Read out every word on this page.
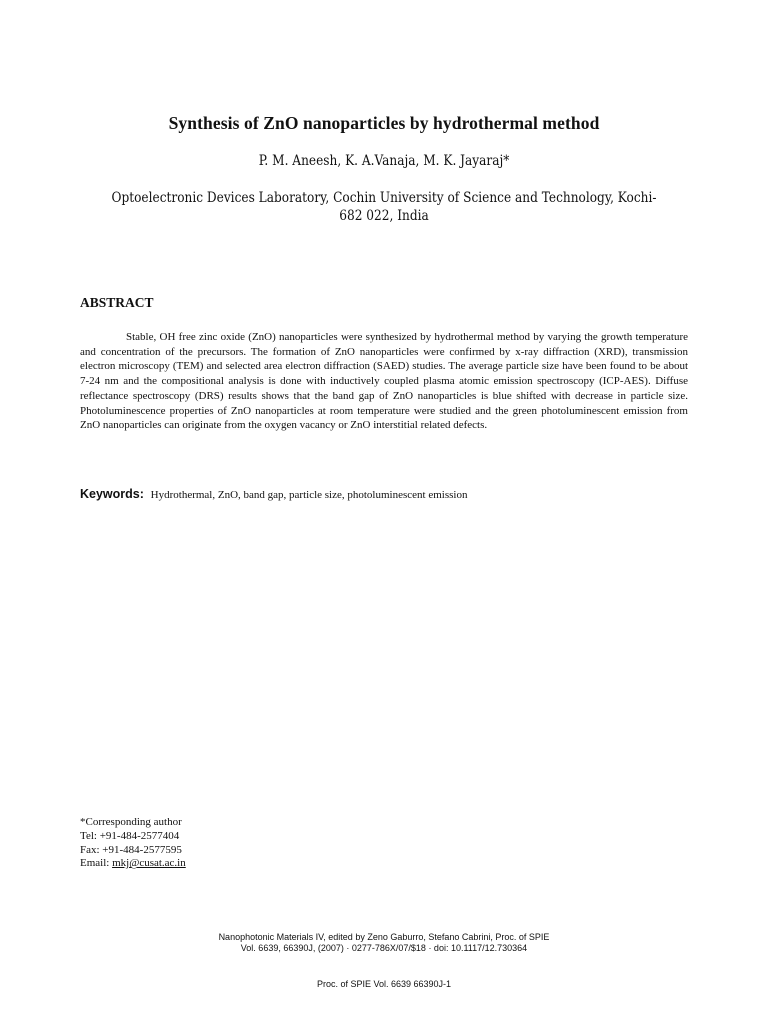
Synthesis of ZnO nanoparticles by hydrothermal method
P. M. Aneesh, K. A.Vanaja, M. K. Jayaraj*
Optoelectronic Devices Laboratory, Cochin University of Science and Technology, Kochi-682 022, India
ABSTRACT
Stable, OH free zinc oxide (ZnO) nanoparticles were synthesized by hydrothermal method by varying the growth temperature and concentration of the precursors. The formation of ZnO nanoparticles were confirmed by x-ray diffraction (XRD), transmission electron microscopy (TEM) and selected area electron diffraction (SAED) studies. The average particle size have been found to be about 7-24 nm and the compositional analysis is done with inductively coupled plasma atomic emission spectroscopy (ICP-AES). Diffuse reflectance spectroscopy (DRS) results shows that the band gap of ZnO nanoparticles is blue shifted with decrease in particle size. Photoluminescence properties of ZnO nanoparticles at room temperature were studied and the green photoluminescent emission from ZnO nanoparticles can originate from the oxygen vacancy or ZnO interstitial related defects.
Keywords: Hydrothermal, ZnO, band gap, particle size, photoluminescent emission
*Corresponding author
Tel: +91-484-2577404
Fax: +91-484-2577595
Email: mkj@cusat.ac.in
Nanophotonic Materials IV, edited by Zeno Gaburro, Stefano Cabrini, Proc. of SPIE
Vol. 6639, 66390J, (2007) · 0277-786X/07/$18 · doi: 10.1117/12.730364
Proc. of SPIE Vol. 6639 66390J-1
